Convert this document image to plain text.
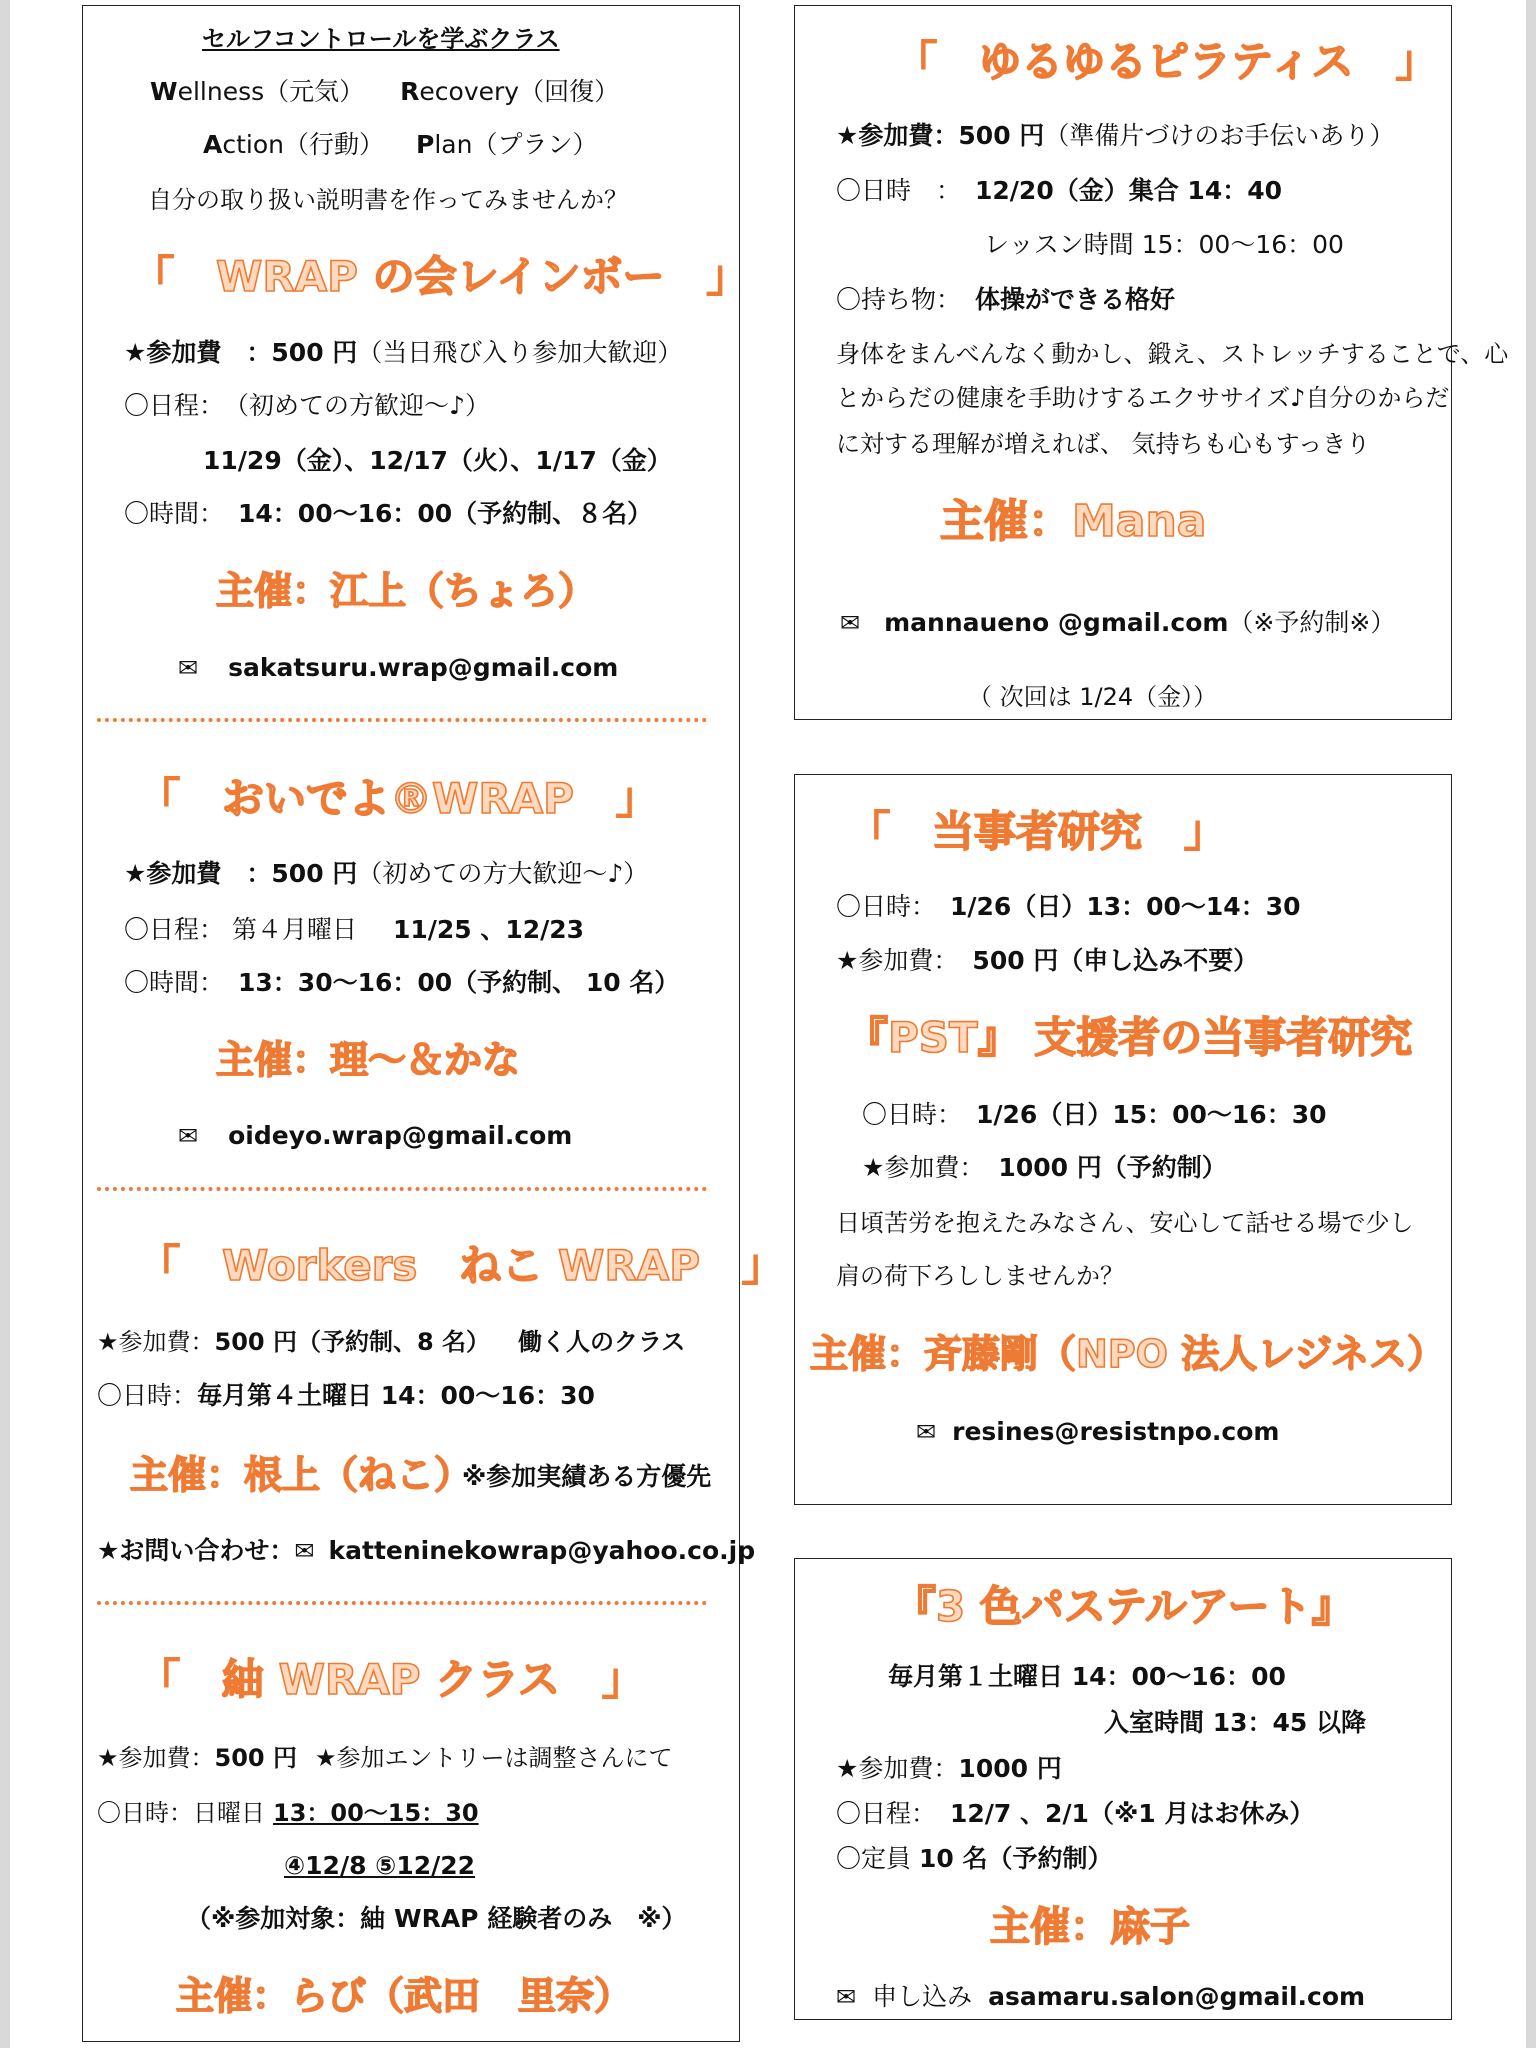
セルフコントロールを学ぶクラス
Wellness（元気） Recovery（回復）
Action（行動） Plan（プラン）
自分の取り扱い説明書を作ってみませんか？
「　WRAP の会レインボー　」
★参加費　：500 円（当日飛び入り参加大歓迎）
〇日程：　（初めての方歓迎～♪）
11/29（金）、12/17（火）、1/17（金）
〇時間： 14：00～16：00（予約制、８名）
主催：江上（ちょろ）
✉ sakatsuru.wrap@gmail.com
「　おいでよ®WRAP　」
★参加費　：500 円（初めての方大歓迎～♪）
〇日程： 第４月曜日 11/25 、12/23
〇時間： 13：30～16：00（予約制、 10 名）
主催：理～＆かな
✉ oideyo.wrap@gmail.com
「　Workers　ねこ WRAP　」
★参加費：500 円（予約制、8 名） 働く人のクラス
〇日時：毎月第４土曜日 14：00～16：30
主催：根上（ねこ）
※参加実績ある方優先
★お問い合わせ：✉ katteninekowrap@yahoo.co.jp
「　紬 WRAP クラス　」
★参加費：500 円 ★参加エントリーは調整さんにて
〇日時：日曜日 13：00～15：30
④12/8 ⑤12/22
（※参加対象：紬 WRAP 経験者のみ　※）
主催：らび（武田　里奈）
「　ゆるゆるピラティス　」
★参加費：500 円（準備片づけのお手伝いあり）
〇日時　： 12/20（金）集合 14：40
レッスン時間 15：00～16：00
〇持ち物： 体操ができる格好
身体をまんべんなく動かし、鍛え、ストレッチすることで、心
とからだの健康を手助けするエクササイズ♪自分のからだ
に対する理解が増えれば、 気持ちも心もすっきり
主催：Mana
✉ mannaueno @gmail.com（※予約制※）
（ 次回は 1/24（金））
「　当事者研究　」
〇日時： 1/26（日）13：00～14：30
★参加費： 500 円（申し込み不要）
『PST』 支援者の当事者研究
〇日時： 1/26（日）15：00～16：30
★参加費： 1000 円（予約制）
日頃苦労を抱えたみなさん、安心して話せる場で少し
肩の荷下ろししませんか？
主催：斉藤剛（NPO 法人レジネス）
✉ resines@resistnpo.com
『3 色パステルアート』
毎月第１土曜日 14：00～16：00
入室時間 13：45 以降
★参加費：1000 円
〇日程： 12/7 、2/1（※1 月はお休み）
〇定員 10 名（予約制）
主催：麻子
✉ 申し込み asamaru.salon@gmail.com
